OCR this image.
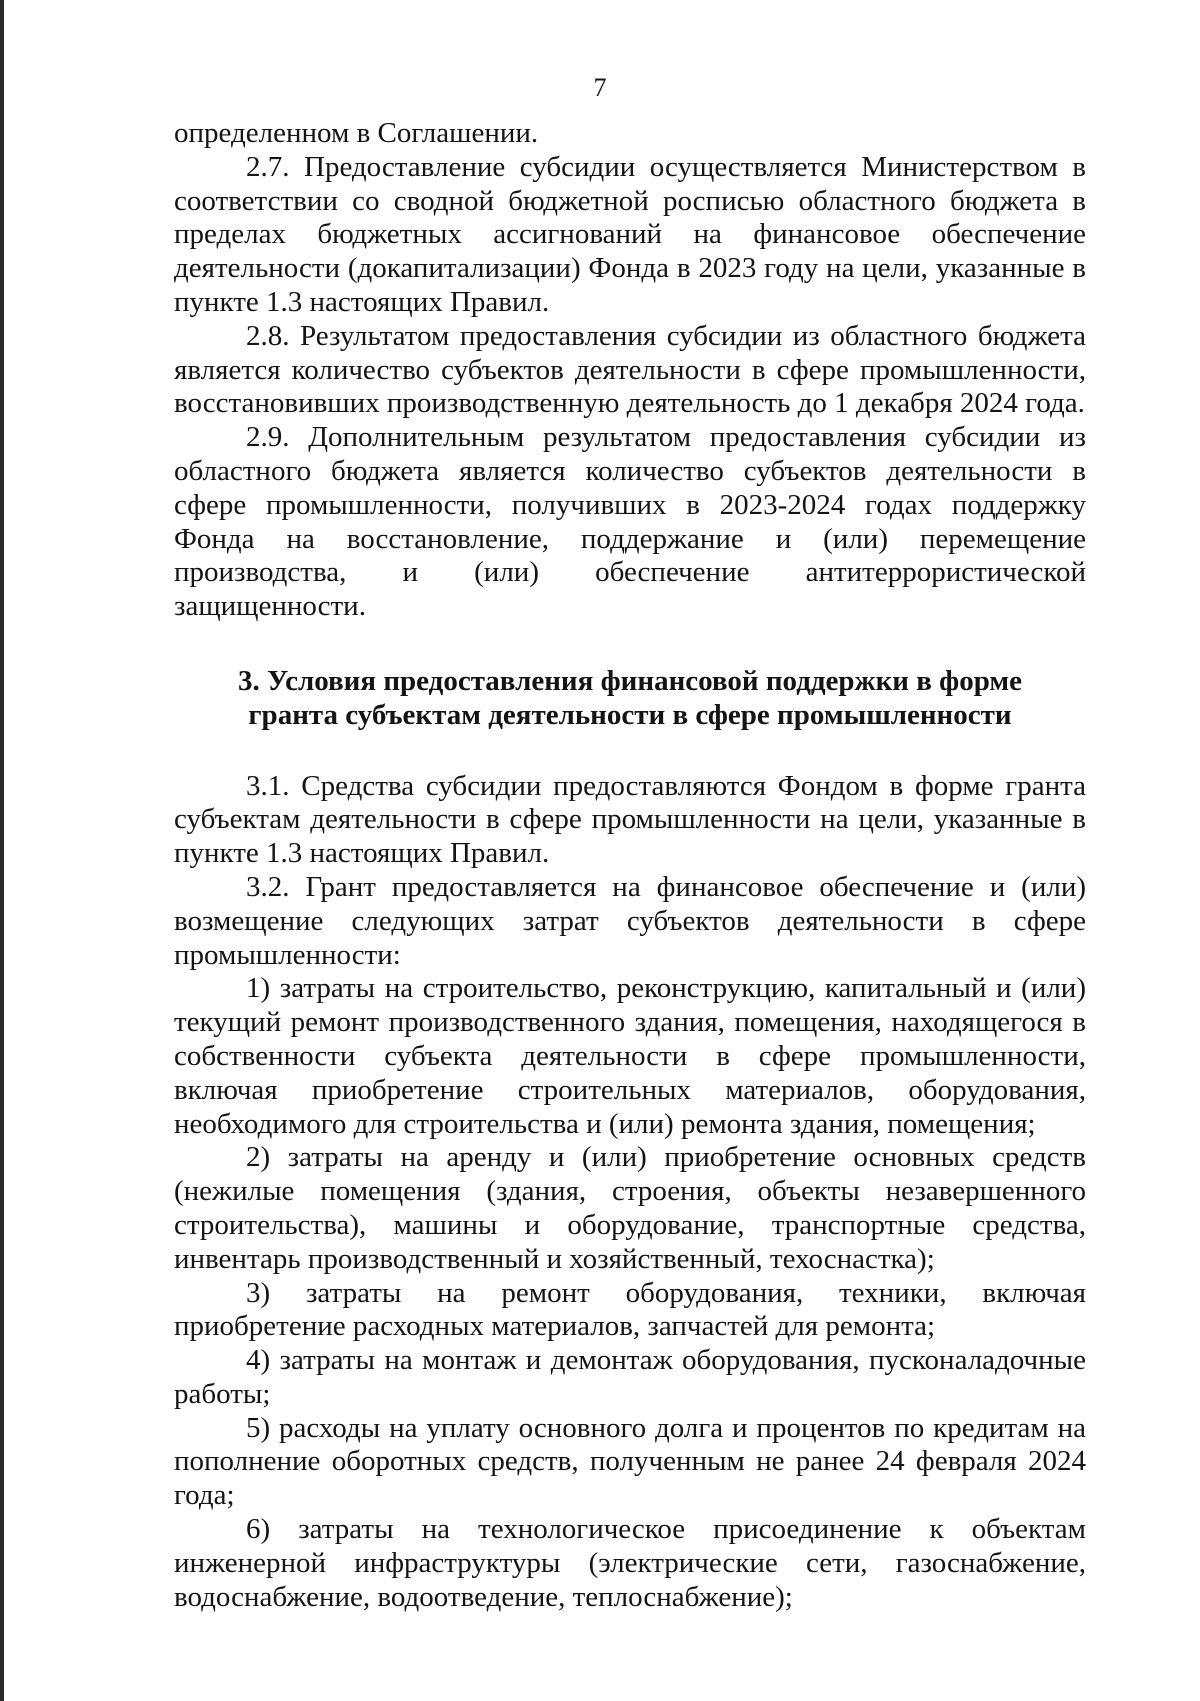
7

определенном в Соглашении.

2.7. Предоставление субсидии осуществляется Министерством в соответствии со сводной бюджетной росписью областного бюджета в пределах бюджетных ассигнований на финансовое обеспечение деятельности (докапитализации) Фонда в 2023 году на цели, указанные в пункте 1.3 настоящих Правил.

2.8. Результатом предоставления субсидии из областного бюджета является количество субъектов деятельности в сфере промышленности, восстановивших производственную деятельность до 1 декабря 2024 года.

2.9. Дополнительным результатом предоставления субсидии из областного бюджета является количество субъектов деятельности в сфере промышленности, получивших в 2023-2024 годах поддержку Фонда на восстановление, поддержание и (или) перемещение производства, и (или) обеспечение антитеррористической защищенности.

3. Условия предоставления финансовой поддержки в форме
гранта субъектам деятельности в сфере промышленности

3.1. Средства субсидии предоставляются Фондом в форме гранта субъектам деятельности в сфере промышленности на цели, указанные в пункте 1.3 настоящих Правил.

3.2. Грант предоставляется на финансовое обеспечение и (или) возмещение следующих затрат субъектов деятельности в сфере промышленности:

1) затраты на строительство, реконструкцию, капитальный и (или) текущий ремонт производственного здания, помещения, находящегося в собственности субъекта деятельности в сфере промышленности, включая приобретение строительных материалов, оборудования, необходимого для строительства и (или) ремонта здания, помещения;

2) затраты на аренду и (или) приобретение основных средств (нежилые помещения (здания, строения, объекты незавершенного строительства), машины и оборудование, транспортные средства, инвентарь производственный и хозяйственный, техоснастка);

3) затраты на ремонт оборудования, техники, включая приобретение расходных материалов, запчастей для ремонта;

4) затраты на монтаж и демонтаж оборудования, пусконаладочные работы;

5) расходы на уплату основного долга и процентов по кредитам на пополнение оборотных средств, полученным не ранее 24 февраля 2024 года;

6) затраты на технологическое присоединение к объектам инженерной инфраструктуры (электрические сети, газоснабжение, водоснабжение, водоотведение, теплоснабжение);
